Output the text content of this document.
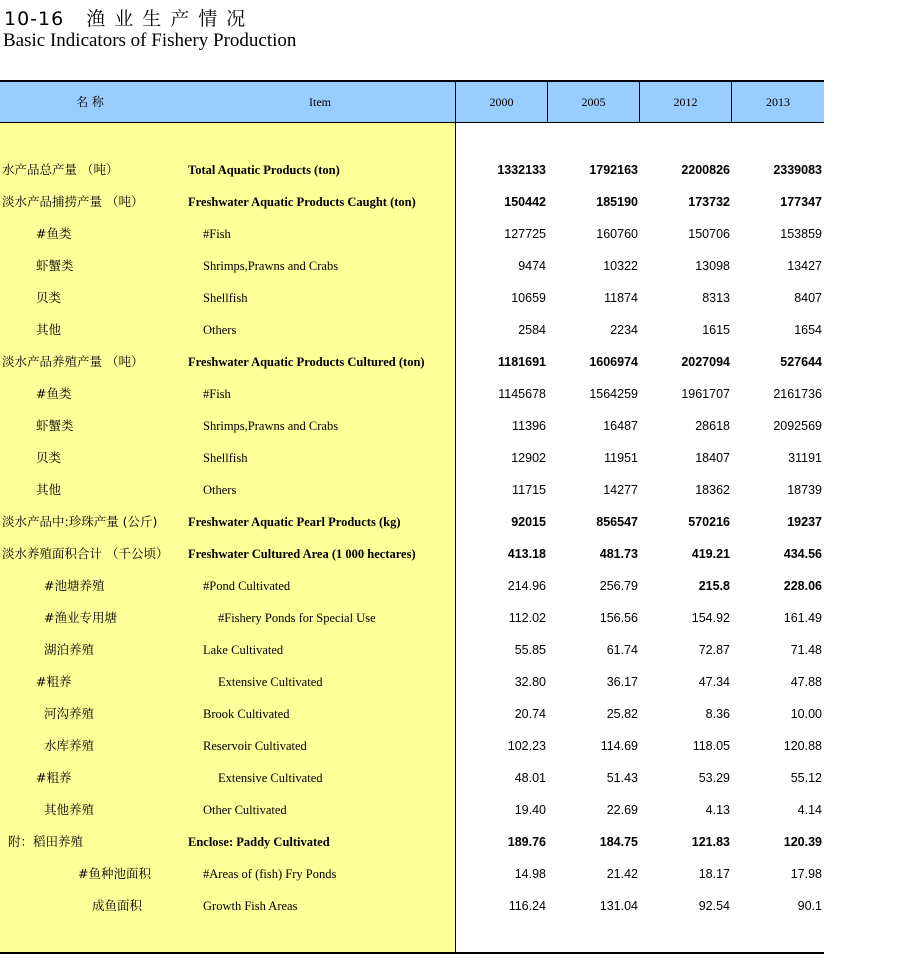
10-16 渔业生产情况
Basic Indicators of Fishery Production
名 称	Item	2000	2005	2012	2013
水产品总产量 （吨）	Total Aquatic Products (ton)	1332133	1792163	2200826	2339083
淡水产品捕捞产量 （吨）	Freshwater Aquatic Products Caught (ton)	150442	185190	173732	177347
#鱼类	#Fish	127725	160760	150706	153859
虾蟹类	Shrimps,Prawns and Crabs	9474	10322	13098	13427
贝类	Shellfish	10659	11874	8313	8407
其他	Others	2584	2234	1615	1654
淡水产品养殖产量 （吨）	Freshwater Aquatic Products Cultured (ton)	1181691	1606974	2027094	527644
#鱼类	#Fish	1145678	1564259	1961707	2161736
虾蟹类	Shrimps,Prawns and Crabs	11396	16487	28618	2092569
贝类	Shellfish	12902	11951	18407	31191
其他	Others	11715	14277	18362	18739
淡水产品中:珍珠产量 (公斤) Freshwater Aquatic Pearl Products (kg)	92015	856547	570216	19237
淡水养殖面积合计 （千公顷） Freshwater Cultured Area (1 000 hectares)	413.18	481.73	419.21	434.56
#池塘养殖	#Pond Cultivated	214.96	256.79	215.8	228.06
#渔业专用塘	#Fishery Ponds for Special Use	112.02	156.56	154.92	161.49
湖泊养殖	Lake Cultivated	55.85	61.74	72.87	71.48
#粗养	Extensive Cultivated	32.80	36.17	47.34	47.88
河沟养殖	Brook Cultivated	20.74	25.82	8.36	10.00
水库养殖	Reservoir Cultivated	102.23	114.69	118.05	120.88
#粗养	Extensive Cultivated	48.01	51.43	53.29	55.12
其他养殖	Other Cultivated	19.40	22.69	4.13	4.14
附：稻田养殖	Enclose: Paddy Cultivated	189.76	184.75	121.83	120.39
#鱼种池面积	#Areas of (fish) Fry Ponds	14.98	21.42	18.17	17.98
成鱼面积	Growth Fish Areas	116.24	131.04	92.54	90.1
